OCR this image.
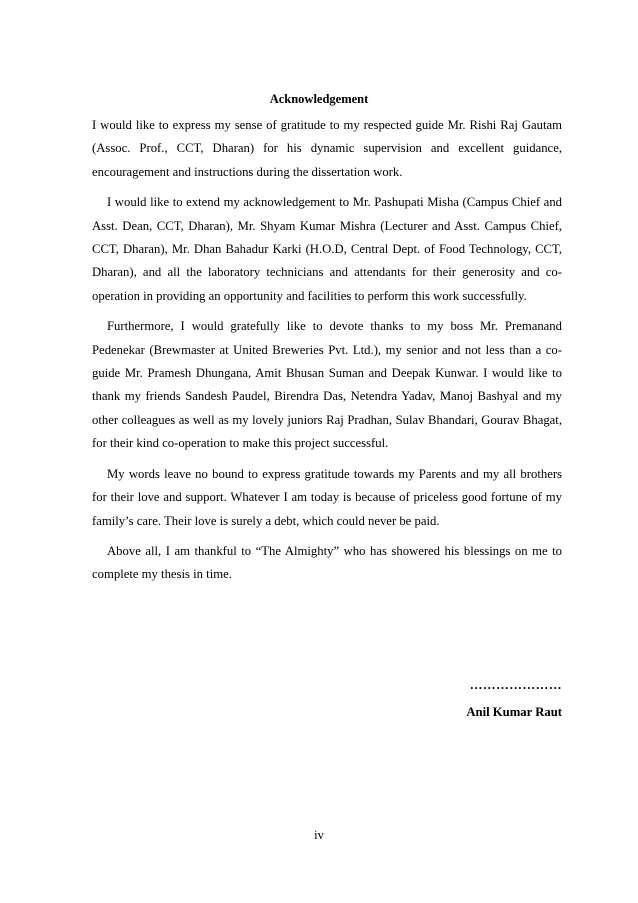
Acknowledgement

I would like to express my sense of gratitude to my respected guide Mr. Rishi Raj Gautam (Assoc. Prof., CCT, Dharan) for his dynamic supervision and excellent guidance, encouragement and instructions during the dissertation work.

I would like to extend my acknowledgement to Mr. Pashupati Misha (Campus Chief and Asst. Dean, CCT, Dharan), Mr. Shyam Kumar Mishra (Lecturer and Asst. Campus Chief, CCT, Dharan), Mr. Dhan Bahadur Karki (H.O.D, Central Dept. of Food Technology, CCT, Dharan), and all the laboratory technicians and attendants for their generosity and co-operation in providing an opportunity and facilities to perform this work successfully.

Furthermore, I would gratefully like to devote thanks to my boss Mr. Premanand Pedenekar (Brewmaster at United Breweries Pvt. Ltd.), my senior and not less than a co-guide Mr. Pramesh Dhungana, Amit Bhusan Suman and Deepak Kunwar. I would like to thank my friends Sandesh Paudel, Birendra Das, Netendra Yadav, Manoj Bashyal and my other colleagues as well as my lovely juniors Raj Pradhan, Sulav Bhandari, Gourav Bhagat, for their kind co-operation to make this project successful.

My words leave no bound to express gratitude towards my Parents and my all brothers for their love and support. Whatever I am today is because of priceless good fortune of my family’s care. Their love is surely a debt, which could never be paid.

Above all, I am thankful to “The Almighty” who has showered his blessings on me to complete my thesis in time.

…………………
Anil Kumar Raut
iv
